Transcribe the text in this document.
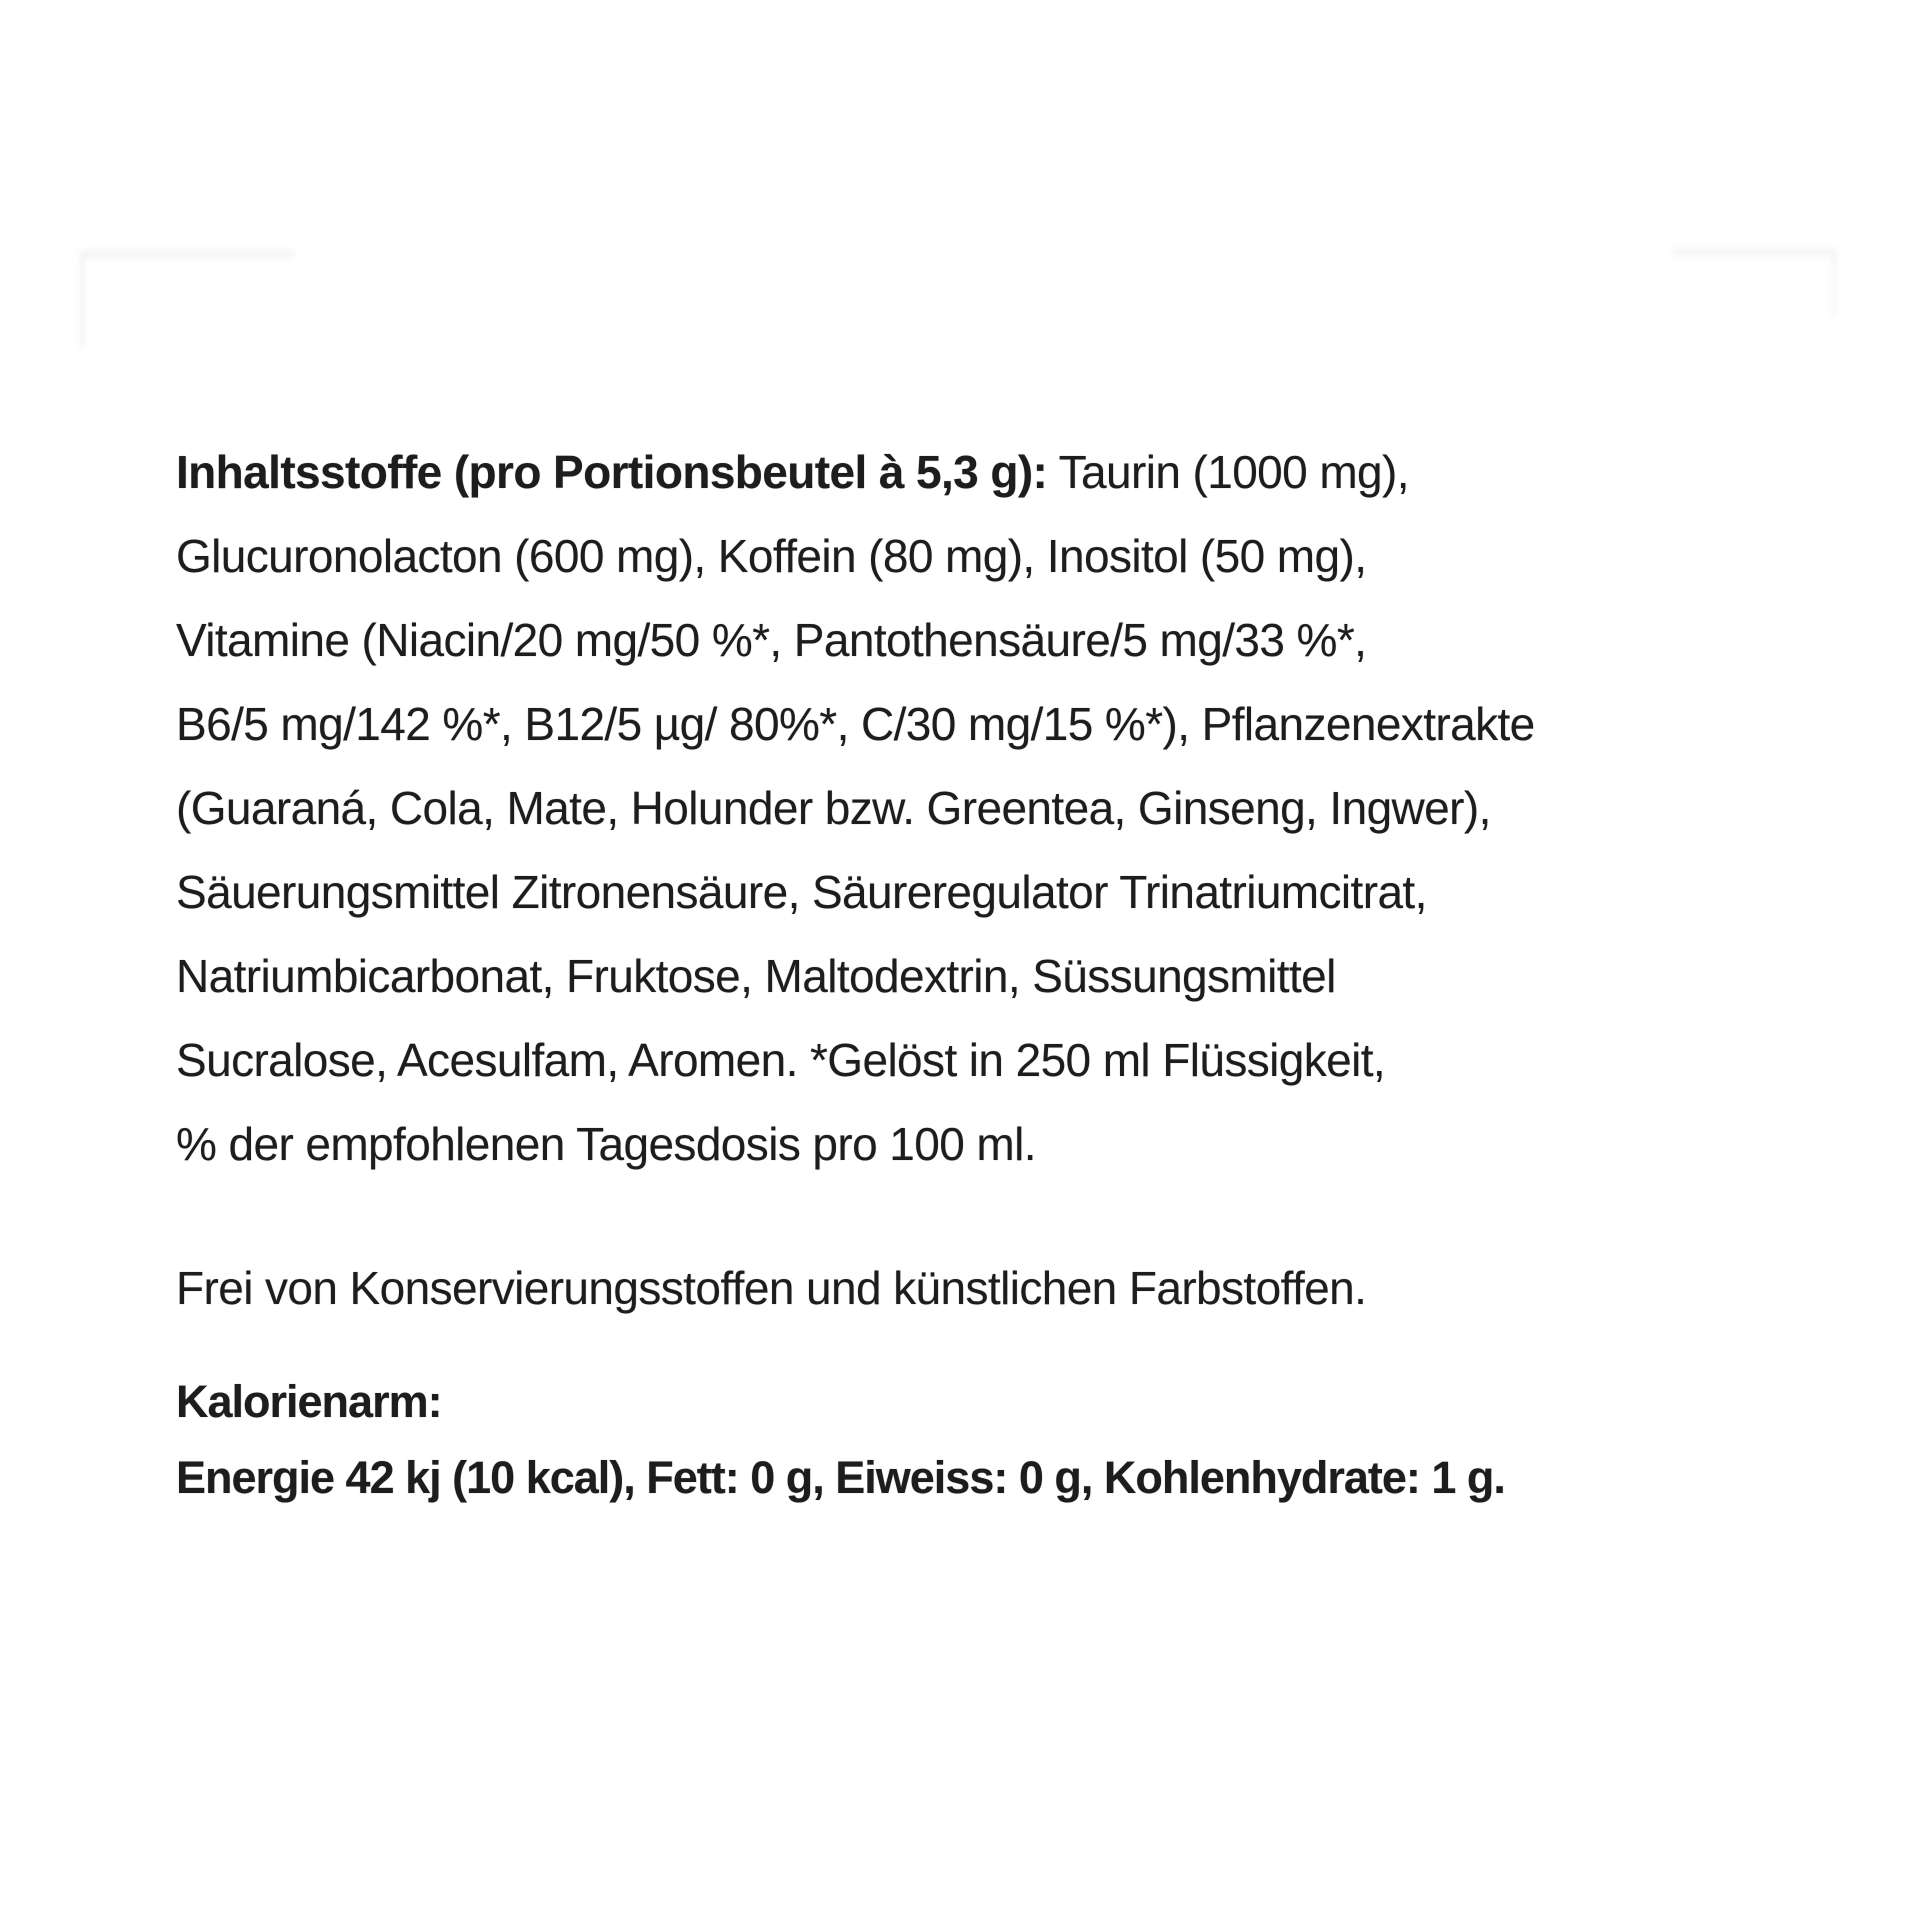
Inhaltsstoffe (pro Portionsbeutel à 5,3 g): Taurin (1000 mg),
Glucuronolacton (600 mg), Koffein (80 mg), Inositol (50 mg),
Vitamine (Niacin/20 mg/50 %*, Pantothensäure/5 mg/33 %*,
B6/5 mg/142 %*, B12/5 µg/ 80%*, C/30 mg/15 %*), Pflanzenextrakte
(Guaraná, Cola, Mate, Holunder bzw. Greentea, Ginseng, Ingwer),
Säuerungsmittel Zitronensäure, Säureregulator Trinatriumcitrat,
Natriumbicarbonat, Fruktose, Maltodextrin, Süssungsmittel
Sucralose, Acesulfam, Aromen. *Gelöst in 250 ml Flüssigkeit,
% der empfohlenen Tagesdosis pro 100 ml.
Frei von Konservierungsstoffen und künstlichen Farbstoffen.
Kalorienarm:
Energie 42 kj (10 kcal), Fett: 0 g, Eiweiss: 0 g, Kohlenhydrate: 1 g.
